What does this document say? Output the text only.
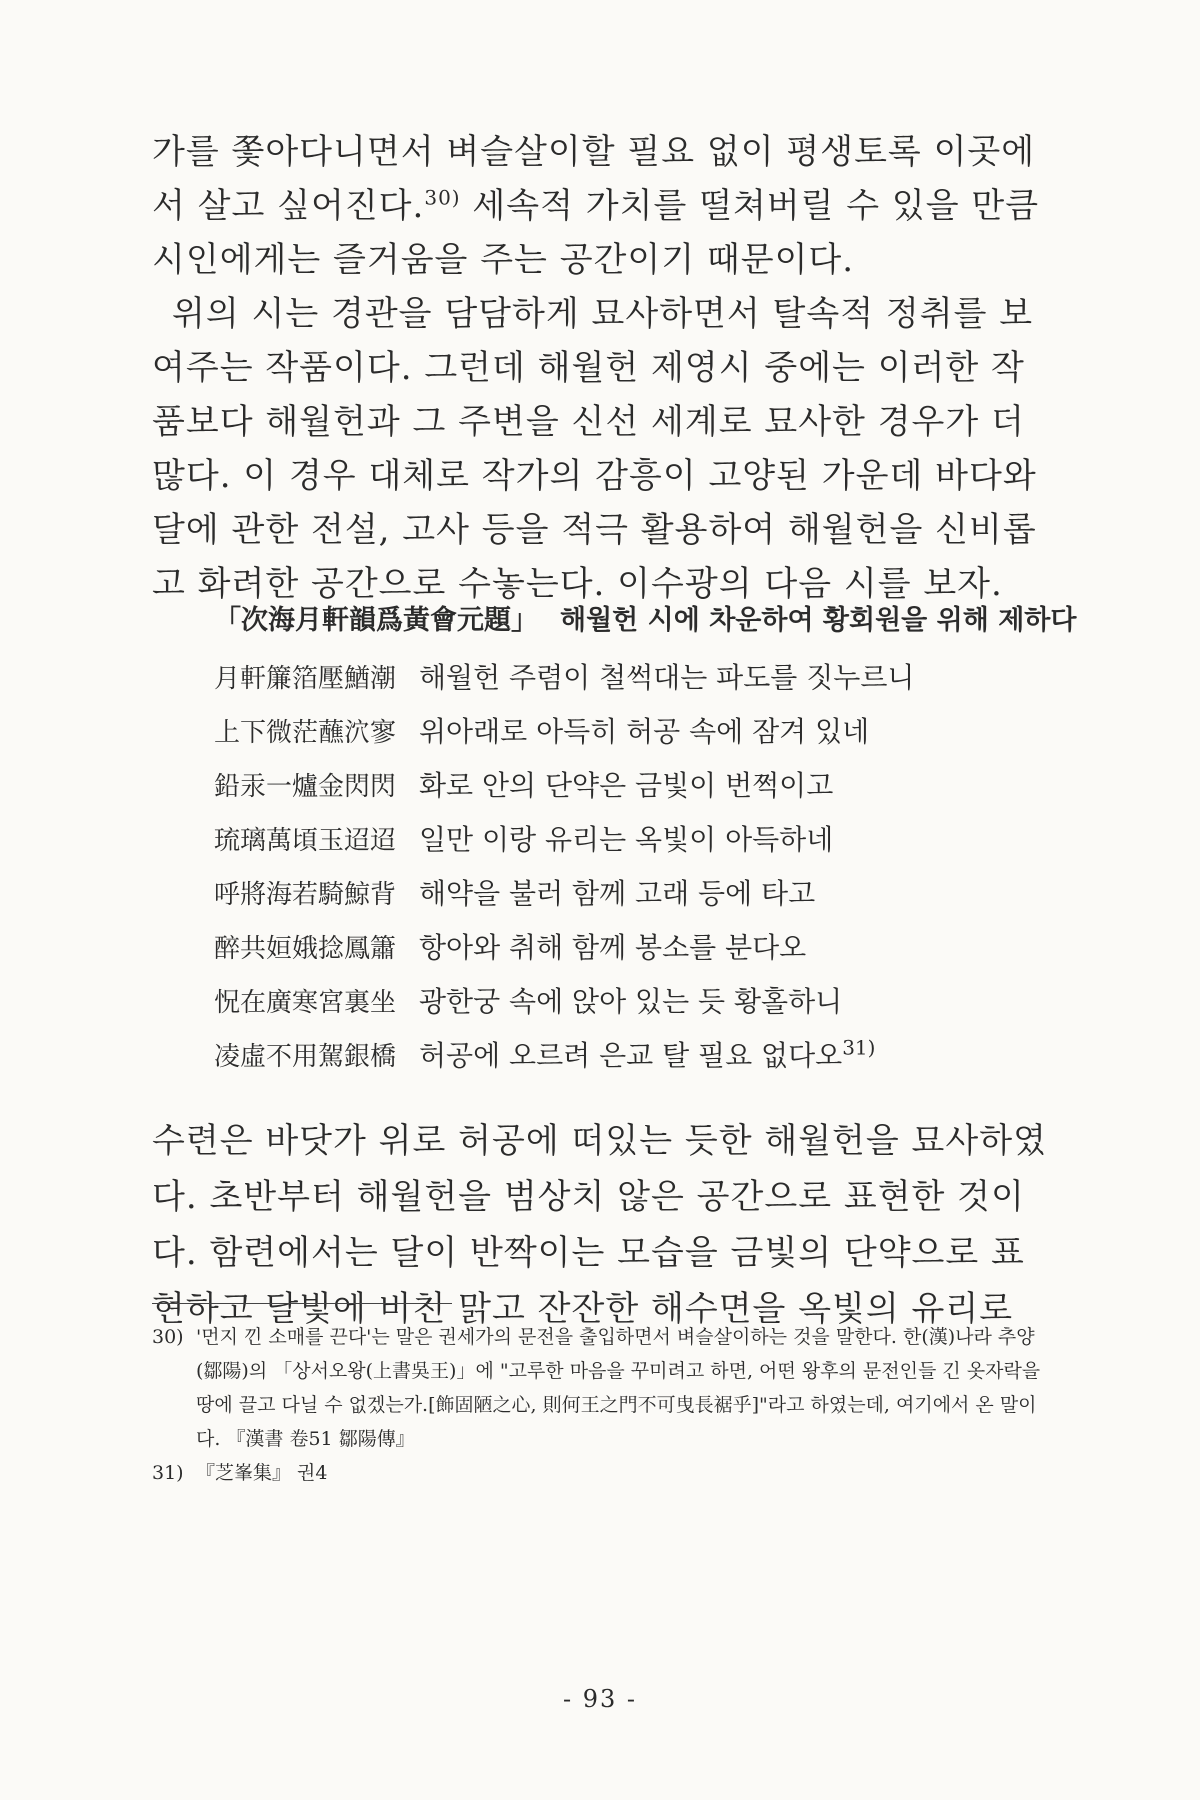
가를 쫓아다니면서 벼슬살이할 필요 없이 평생토록 이곳에서 살고 싶어진다.$^{30)}$ 세속적 가치를 떨쳐버릴 수 있을 만큼 시인에게는 즐거움을 주는 공간이기 때문이다.

위의 시는 경관을 담담하게 묘사하면서 탈속적 정취를 보여주는 작품이다. 그런데 해월헌 제영시 중에는 이러한 작품보다 해월헌과 그 주변을 신선 세계로 묘사한 경우가 더 많다. 이 경우 대체로 작가의 감흥이 고양된 가운데 바다와 달에 관한 전설, 고사 등을 적극 활용하여 해월헌을 신비롭고 화려한 공간으로 수놓는다. 이수광의 다음 시를 보자.

「次海月軒韻爲黃會元題」 해월헌 시에 차운하여 황회원을 위해 제하다
月軒簾箔壓鰌潮 해월헌 주렴이 철썩대는 파도를 짓누르니
上下微茫蘸泬寥 위아래로 아득히 허공 속에 잠겨 있네
鉛汞一爐金閃閃 화로 안의 단약은 금빛이 번쩍이고
琉璃萬頃玉迢迢 일만 이랑 유리는 옥빛이 아득하네
呼將海若騎鯨背 해약을 불러 함께 고래 등에 타고
醉共姮娥捻鳳簫 항아와 취해 함께 봉소를 분다오
怳在廣寒宮裏坐 광한궁 속에 앉아 있는 듯 황홀하니
凌虛不用駕銀橋 허공에 오르려 은교 탈 필요 없다오$^{31)}$
수련은 바닷가 위로 허공에 떠있는 듯한 해월헌을 묘사하였다. 초반부터 해월헌을 범상치 않은 공간으로 표현한 것이다. 함련에서는 달이 반짝이는 모습을 금빛의 단약으로 표현하고 달빛에 비친 맑고 잔잔한 해수면을 옥빛의 유리로

30) '먼지 낀 소매를 끈다'는 말은 권세가의 문전을 출입하면서 벼슬살이하는 것을 말한다. 한(漢)나라 추양(鄒陽)의 「상서오왕(上書吳王)」에 "고루한 마음을 꾸미려고 하면, 어떤 왕후의 문전인들 긴 옷자락을 땅에 끌고 다닐 수 없겠는가.[飾固陋之心, 則何王之門不可曳長裾乎]"라고 하였는데, 여기에서 온 말이다. 『漢書 卷51 鄒陽傳』

31) 『芝峯集』 권4

- 93 -
